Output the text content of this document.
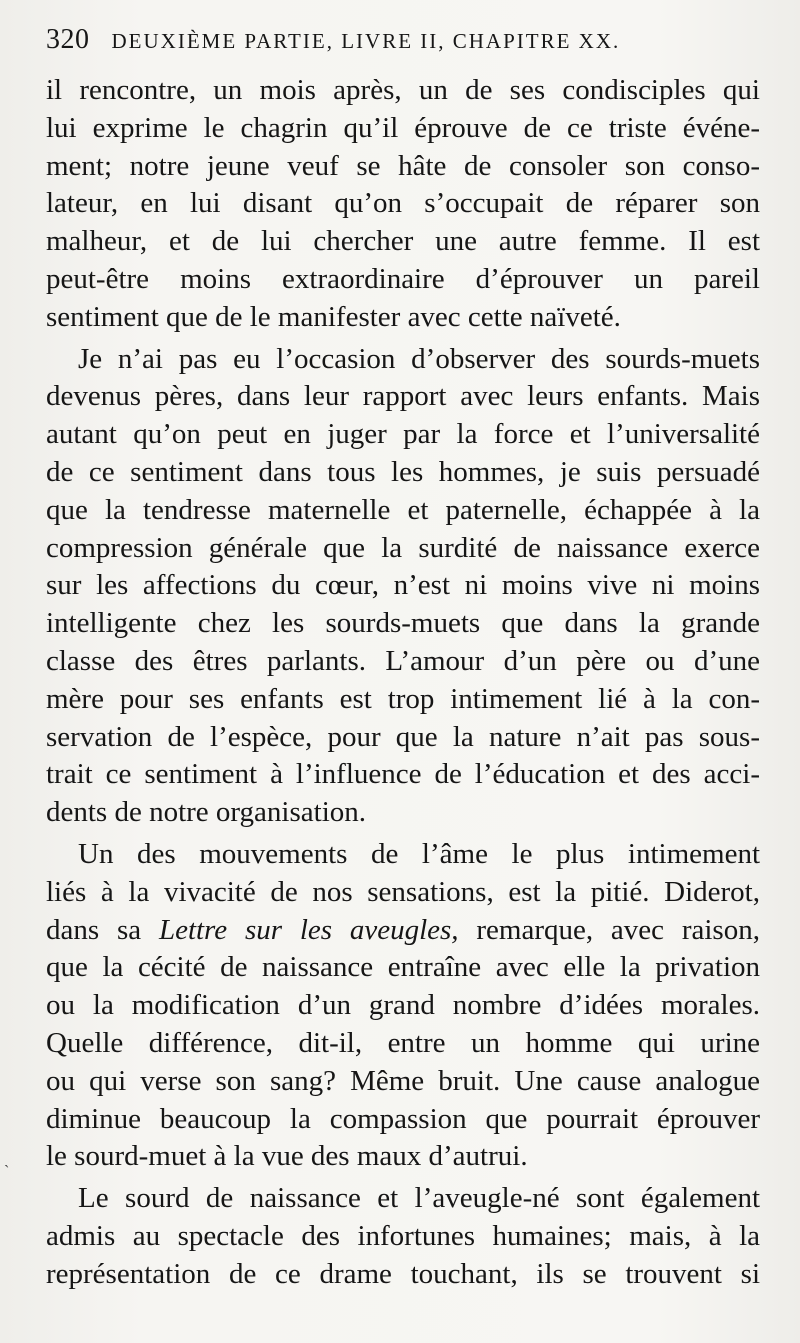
320 DEUXIÈME PARTIE, LIVRE II, CHAPITRE XX.
il rencontre, un mois après, un de ses condisciples qui
lui exprime le chagrin qu’il éprouve de ce triste événe-
ment; notre jeune veuf se hâte de consoler son conso-
lateur, en lui disant qu’on s’occupait de réparer son
malheur, et de lui chercher une autre femme. Il est
peut-être moins extraordinaire d’éprouver un pareil
sentiment que de le manifester avec cette naïveté.
Je n’ai pas eu l’occasion d’observer des sourds-muets
devenus pères, dans leur rapport avec leurs enfants. Mais
autant qu’on peut en juger par la force et l’universalité
de ce sentiment dans tous les hommes, je suis persuadé
que la tendresse maternelle et paternelle, échappée à la
compression générale que la surdité de naissance exerce
sur les affections du cœur, n’est ni moins vive ni moins
intelligente chez les sourds-muets que dans la grande
classe des êtres parlants. L’amour d’un père ou d’une
mère pour ses enfants est trop intimement lié à la con-
servation de l’espèce, pour que la nature n’ait pas sous-
trait ce sentiment à l’influence de l’éducation et des acci-
dents de notre organisation.
Un des mouvements de l’âme le plus intimement
liés à la vivacité de nos sensations, est la pitié. Diderot,
dans sa Lettre sur les aveugles, remarque, avec raison,
que la cécité de naissance entraîne avec elle la privation
ou la modification d’un grand nombre d’idées morales.
Quelle différence, dit-il, entre un homme qui urine
ou qui verse son sang? Même bruit. Une cause analogue
diminue beaucoup la compassion que pourrait éprouver
le sourd-muet à la vue des maux d’autrui.
Le sourd de naissance et l’aveugle-né sont également
admis au spectacle des infortunes humaines; mais, à la
représentation de ce drame touchant, ils se trouvent si
`
